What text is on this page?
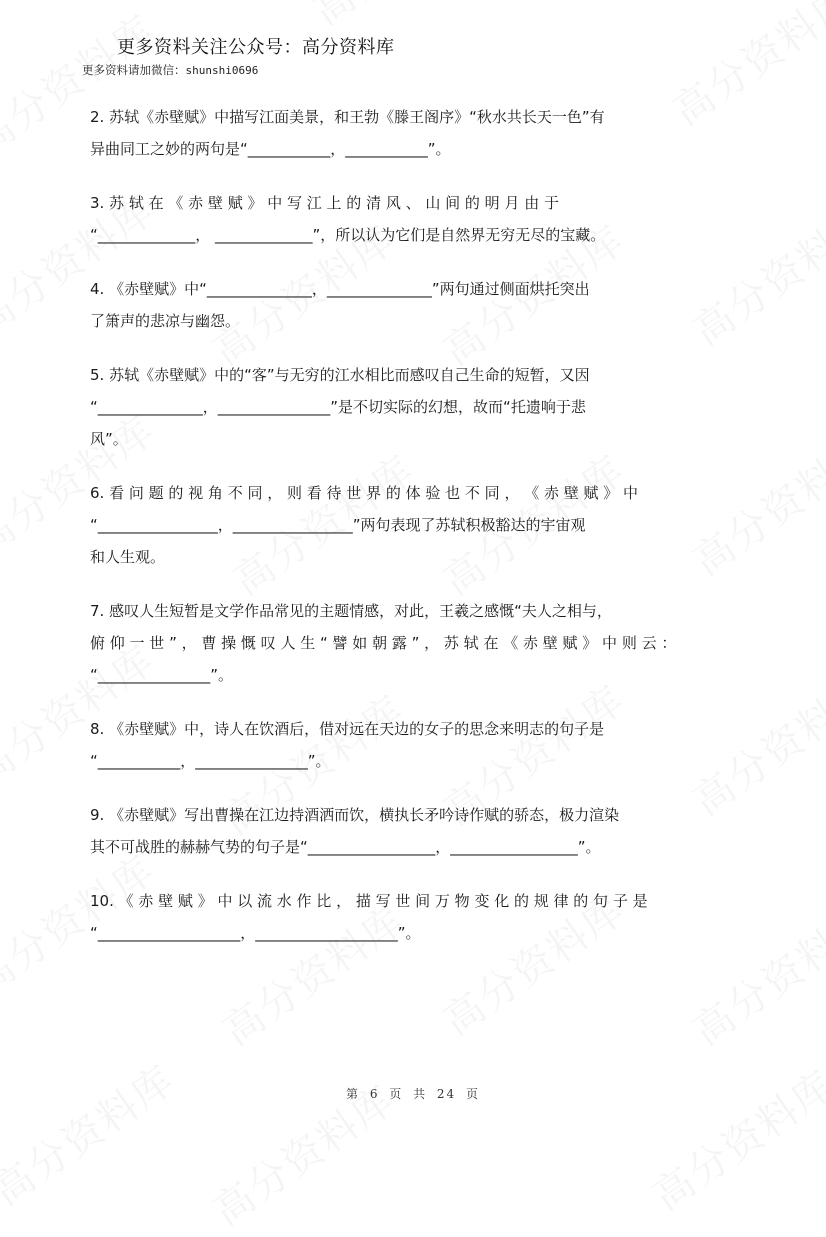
更多资料关注公众号：高分资料库
更多资料请加微信：shunshi0696
2. 苏轼《赤壁赋》中描写江面美景，和王勃《滕王阁序》“秋水共长天一色”有
异曲同工之妙的两句是“___________，___________”。
3. 苏 轼 在 《 赤 壁 赋 》 中 写 江 上 的 清 风 、 山 间 的 明 月 由 于
“_____________， _____________”，所以认为它们是自然界无穷无尽的宝藏。
4. 《赤壁赋》中“______________，______________”两句通过侧面烘托突出
了箫声的悲凉与幽怨。
5. 苏轼《赤壁赋》中的“客”与无穷的江水相比而感叹自己生命的短暂，又因
“______________，_______________”是不切实际的幻想，故而“托遗响于悲
风”。
6. 看 问 题 的 视 角 不 同 ， 则 看 待 世 界 的 体 验 也 不 同 ， 《 赤 壁 赋 》 中
“________________，________________”两句表现了苏轼积极豁达的宇宙观
和人生观。
7. 感叹人生短暂是文学作品常见的主题情感，对此，王羲之感慨“夫人之相与，
俯 仰 一 世 ” ， 曹 操 慨 叹 人 生 “ 譬 如 朝 露 ” ， 苏 轼 在 《 赤 壁 赋 》 中 则 云 ：
“_______________”。
8. 《赤壁赋》中，诗人在饮酒后，借对远在天边的女子的思念来明志的句子是
“___________，_______________”。
9. 《赤壁赋》写出曹操在江边持酒洒而饮，横执长矛吟诗作赋的骄态，极力渲染
其不可战胜的赫赫气势的句子是“_________________，_________________”。
10. 《 赤 壁 赋 》 中 以 流 水 作 比 ， 描 写 世 间 万 物 变 化 的 规 律 的 句 子 是
“___________________，___________________”。
第 6 页 共 24 页
